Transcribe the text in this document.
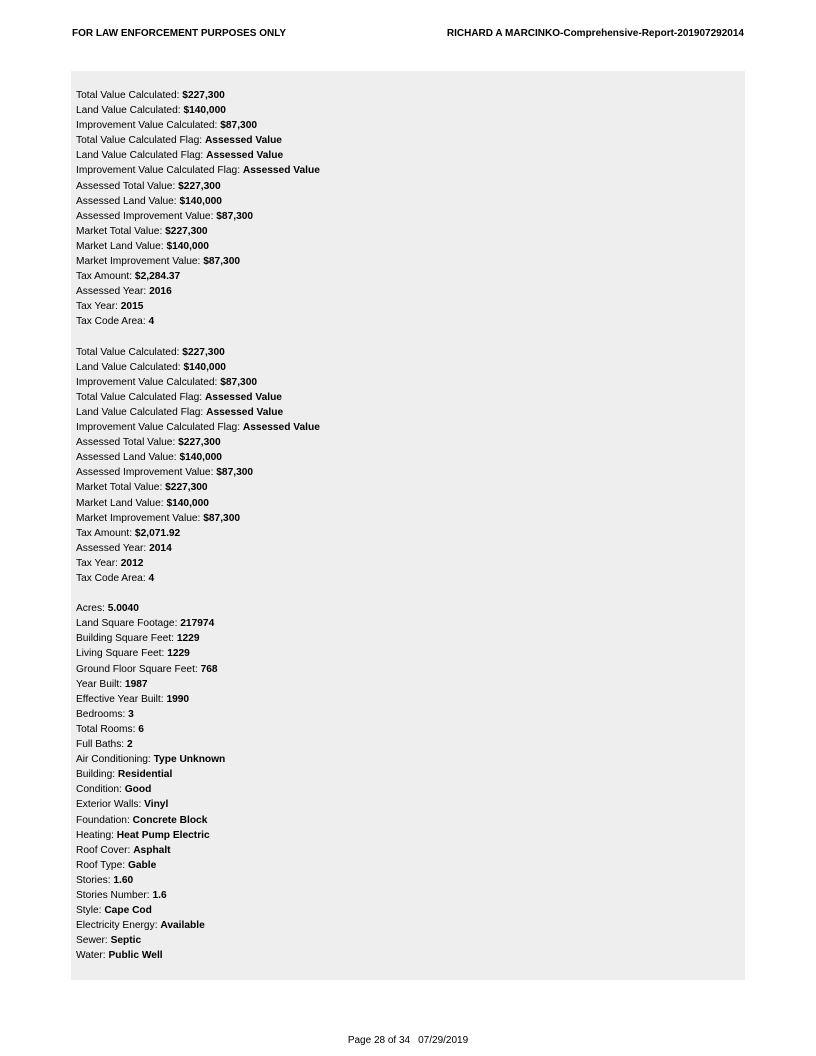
FOR LAW ENFORCEMENT PURPOSES ONLY	RICHARD A MARCINKO-Comprehensive-Report-201907292014
Total Value Calculated: $227,300
Land Value Calculated: $140,000
Improvement Value Calculated: $87,300
Total Value Calculated Flag: Assessed Value
Land Value Calculated Flag: Assessed Value
Improvement Value Calculated Flag: Assessed Value
Assessed Total Value: $227,300
Assessed Land Value: $140,000
Assessed Improvement Value: $87,300
Market Total Value: $227,300
Market Land Value: $140,000
Market Improvement Value: $87,300
Tax Amount: $2,284.37
Assessed Year: 2016
Tax Year: 2015
Tax Code Area: 4
Total Value Calculated: $227,300
Land Value Calculated: $140,000
Improvement Value Calculated: $87,300
Total Value Calculated Flag: Assessed Value
Land Value Calculated Flag: Assessed Value
Improvement Value Calculated Flag: Assessed Value
Assessed Total Value: $227,300
Assessed Land Value: $140,000
Assessed Improvement Value: $87,300
Market Total Value: $227,300
Market Land Value: $140,000
Market Improvement Value: $87,300
Tax Amount: $2,071.92
Assessed Year: 2014
Tax Year: 2012
Tax Code Area: 4
Acres: 5.0040
Land Square Footage: 217974
Building Square Feet: 1229
Living Square Feet: 1229
Ground Floor Square Feet: 768
Year Built: 1987
Effective Year Built: 1990
Bedrooms: 3
Total Rooms: 6
Full Baths: 2
Air Conditioning: Type Unknown
Building: Residential
Condition: Good
Exterior Walls: Vinyl
Foundation: Concrete Block
Heating: Heat Pump Electric
Roof Cover: Asphalt
Roof Type: Gable
Stories: 1.60
Stories Number: 1.6
Style: Cape Cod
Electricity Energy: Available
Sewer: Septic
Water: Public Well
Page 28 of 34 07/29/2019
